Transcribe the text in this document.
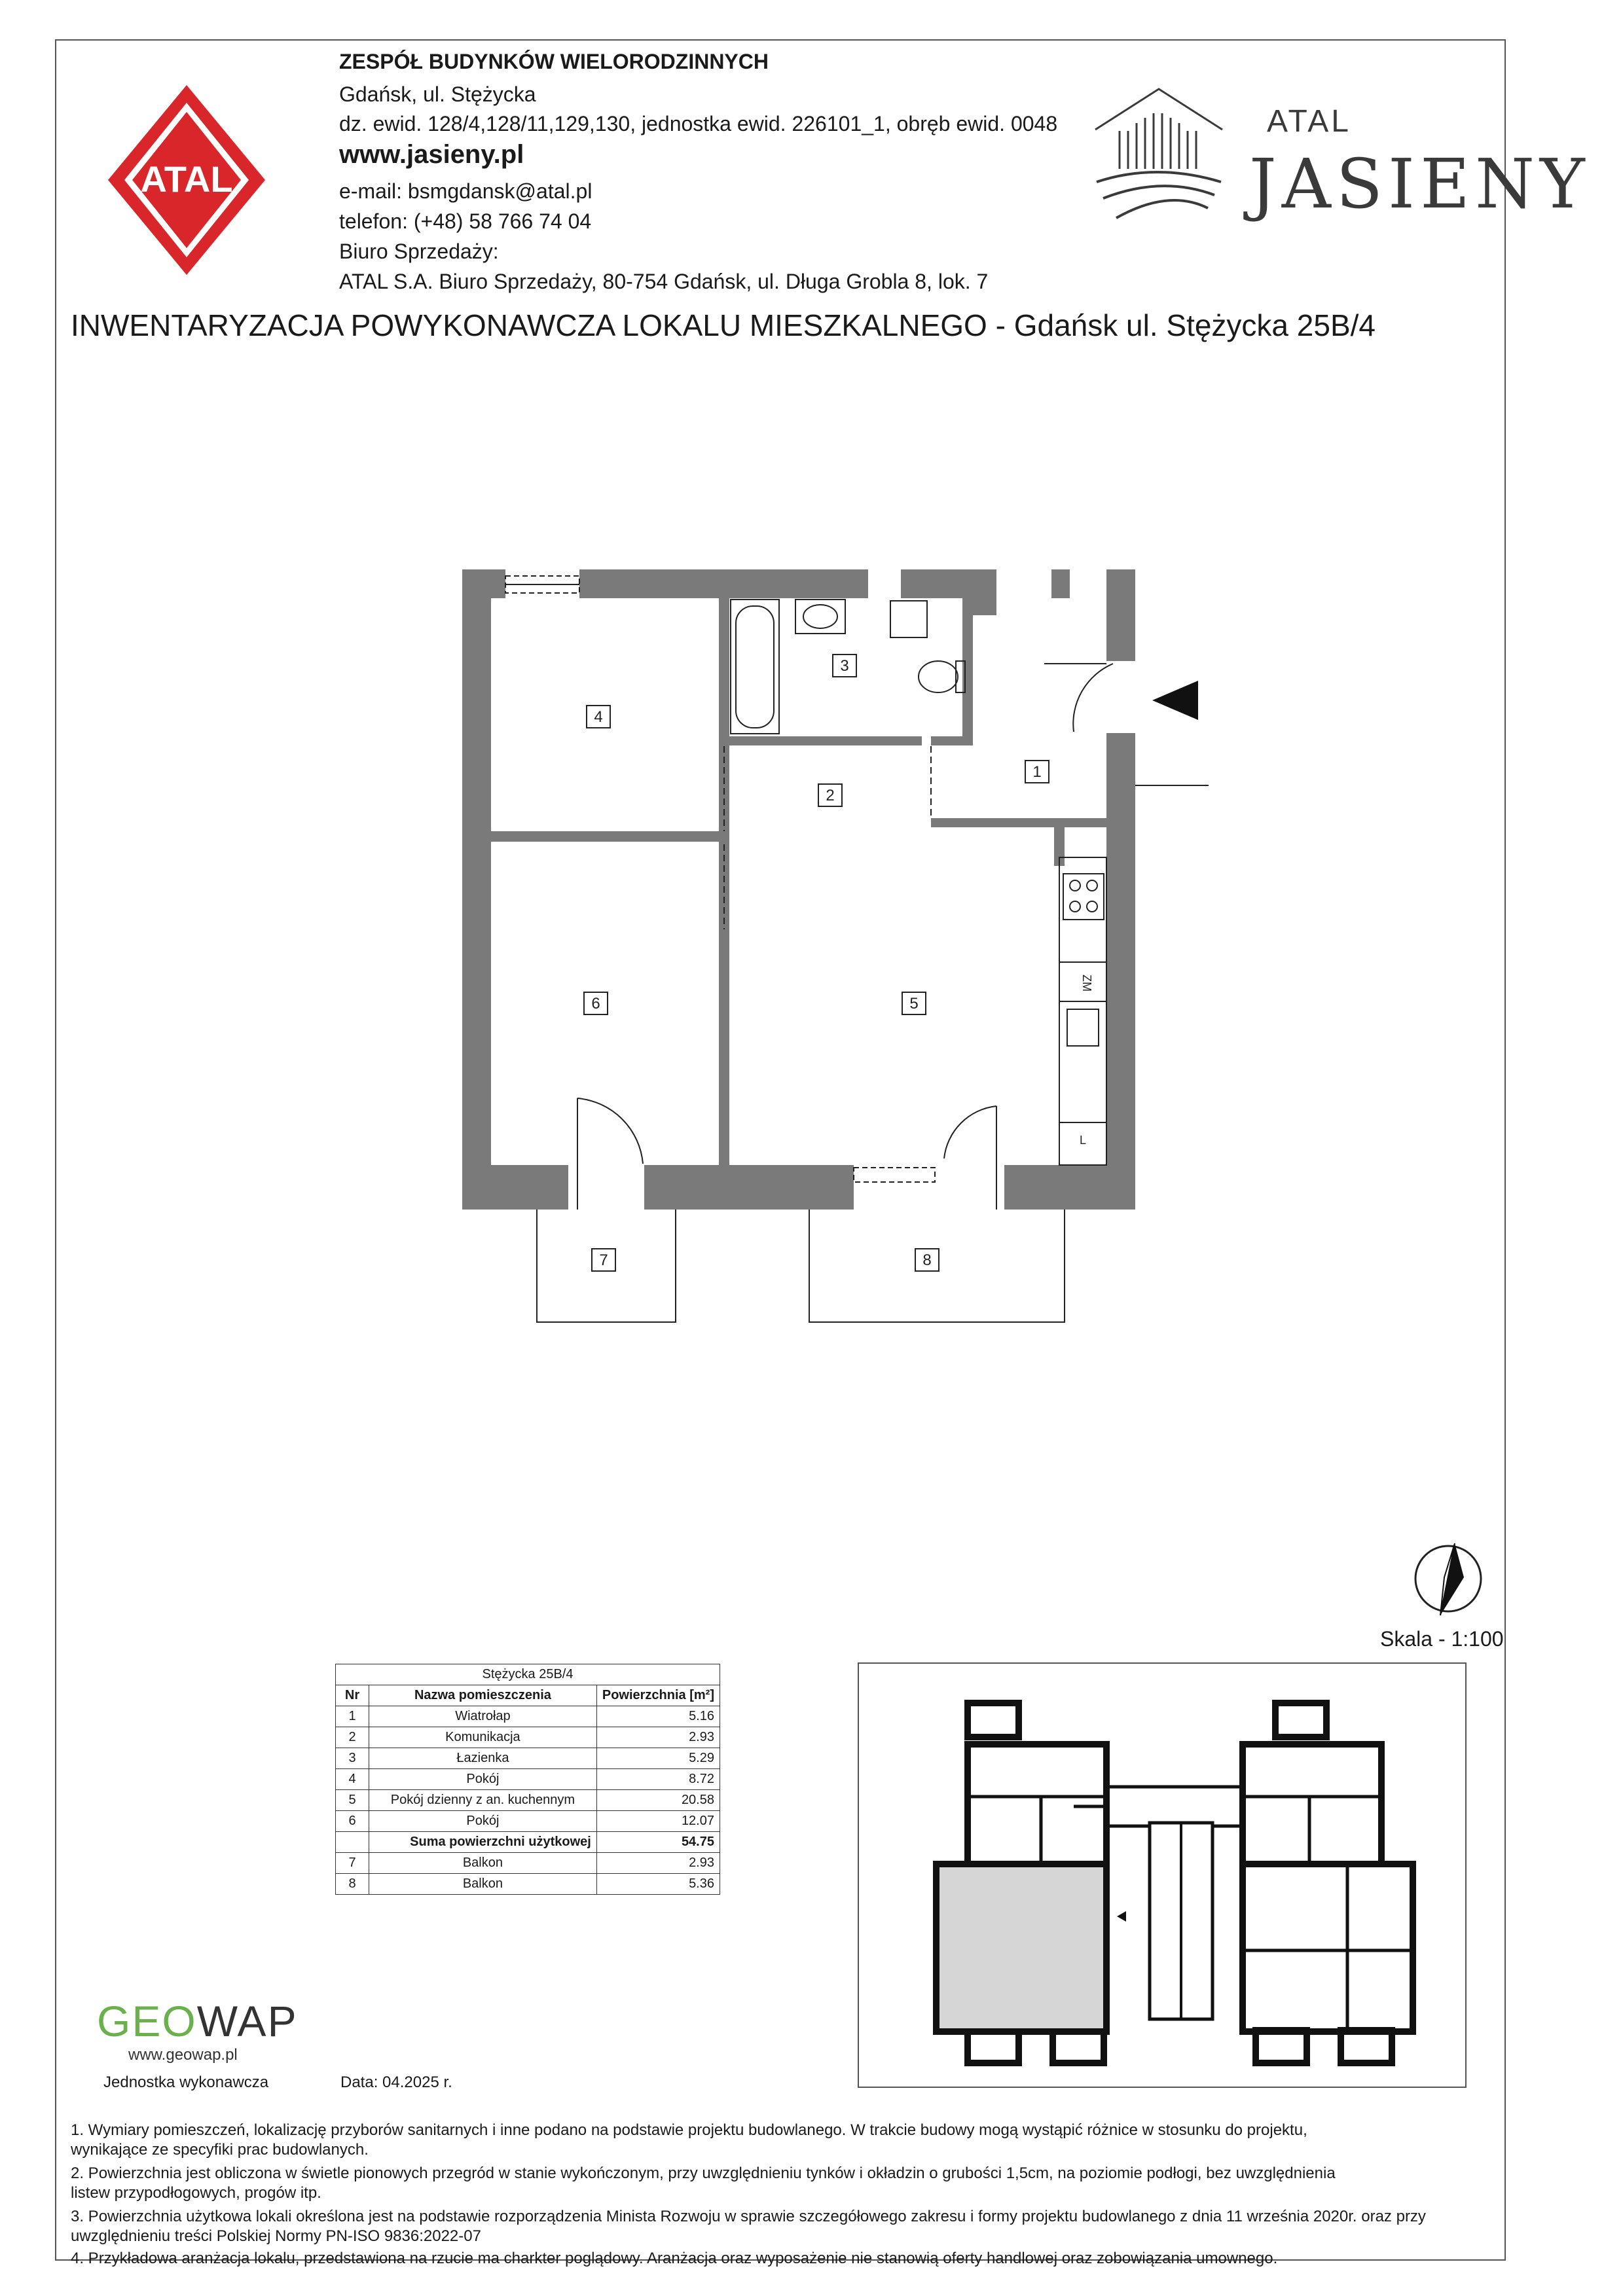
ATAL
ZESPÓŁ BUDYNKÓW WIELORODZINNYCH
Gdańsk, ul. Stężycka
dz. ewid. 128/4,128/11,129,130, jednostka ewid. 226101_1, obręb ewid. 0048
www.jasieny.pl
e-mail: bsmgdansk@atal.pl
telefon: (+48) 58 766 74 04
Biuro Sprzedaży:
ATAL S.A. Biuro Sprzedaży, 80-754 Gdańsk, ul. Długa Grobla 8, lok. 7
ATAL
JASIENY
INWENTARYZACJA POWYKONAWCZA LOKALU MIESZKALNEGO - Gdańsk ul. Stężycka 25B/4
1
2
3
4
5
6
7	8
ZM
L
Skala - 1:100
Stężycka 25B/4		
Nr	Nazwa pomieszczenia	Powierzchnia [m²]
1	Wiatrołap	5.16
2	Komunikacja	2.93
3	Łazienka	5.29
4	Pokój	8.72
5	Pokój dzienny z an. kuchennym	20.58
6	Pokój	12.07
	Suma powierzchni użytkowej	54.75
7	Balkon	2.93
8	Balkon	5.36
GEOWAP
www.geowap.pl
Jednostka wykonawcza	Data: 04.2025 r.
1. Wymiary pomieszczeń, lokalizację przyborów sanitarnych i inne podano na podstawie projektu budowlanego. W trakcie budowy mogą wystąpić różnice w stosunku do projektu,
wynikające ze specyfiki prac budowlanych.
2. Powierzchnia jest obliczona w świetle pionowych przegród w stanie wykończonym, przy uwzględnieniu tynków i okładzin o grubości 1,5cm, na poziomie podłogi, bez uwzględnienia
listew przypodłogowych, progów itp.
3. Powierzchnia użytkowa lokali określona jest na podstawie rozporządzenia Minista Rozwoju w sprawie szczegółowego zakresu i formy projektu budowlanego z dnia 11 września 2020r. oraz przy
uwzględnieniu treści Polskiej Normy PN-ISO 9836:2022-07
4. Przykładowa aranżacja lokalu, przedstawiona na rzucie ma charkter poglądowy. Aranżacja oraz wyposażenie nie stanowią oferty handlowej oraz zobowiązania umownego.
